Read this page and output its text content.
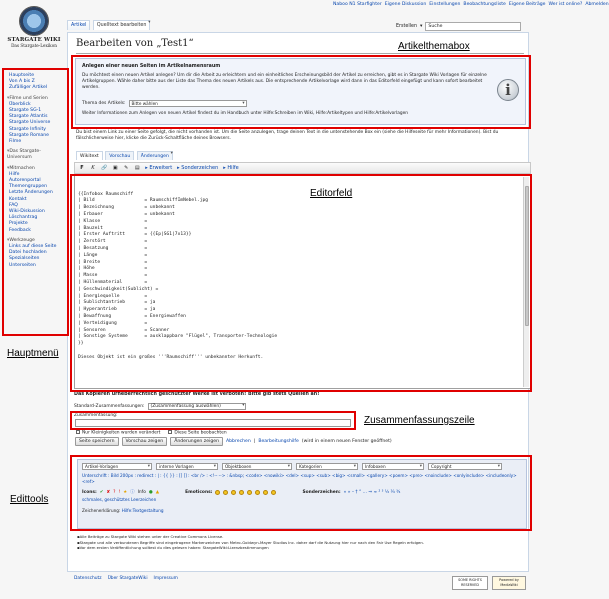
Naboo N1 Starfighter Eigene Diskussion Einstellungen Beobachtungsliste Eigene Beiträge Wer ist online? Abmelden
STARGATE WIKI
Das Stargate-Lexikon
Hauptseite
Von A bis Z
Zufälliger Artikel
▾ Filme und Serien
Überblick
Stargate SG-1
Stargate Atlantis
Stargate Universe
Stargate Infinity
Stargate Romane
Filme
▾ Das Stargate-Universum
▾ Mitmachen
Hilfe
Autorenportal
Themengruppen
Letzte Änderungen
Kontakt
FAQ
Wiki-Diskussion
Löschantrag
Projekte
Feedback
▾ Werkzeuge
Links auf diese Seite
Datei hochladen
Spezialseiten
Unterseiten
Artikel Quelltext bearbeiten ▾	Erstellen ▾	Suche
Bearbeiten von „Test1“
Anlegen einer neuen Seiten im Artikelnamensraum
Du möchtest einen neuen Artikel anlegen? Um dir die Arbeit zu erleichtern und ein einheitliches Erscheinungsbild der Artikel zu erreichen, gibt es in Stargate Wiki Vorlagen für einzelne Artikelgruppen. Wähle daher bitte aus der Liste das Thema des neuen Artikels aus. Die entsprechende Artikelvorlage wird dann in das Editorfeld eingefügt und kann sofort bearbeitet werden.
Thema des Artikels:	Bitte wählen ▾
Weiter Informationen zum Anlegen von neuen Artikel findest du im Handbuch unter Hilfe:Schreiben im Wiki, Hilfe:Artikeltypen und Hilfe:Artikelvorlagen
i
Du bist einem Link zu einer Seite gefolgt, die nicht vorhanden ist. Um die Seite anzulegen, trage deinen Text in die untenstehende Box ein (siehe die Hilfeseite für mehr Informationen). Bist du fälschlicherweise hier, klicke die Zurück-Schaltfläche deines Browsers.
Wikitext ▾ Vorschau Änderungen
F K 🔗 ▣ ✎ ▤ ▸ Erweitert ▸ Sonderzeichen ▸ Hilfe

{{Infobox Raumschiff
| Bild                  = RaumschiffImNebel.jpg
| Bezeichnung           = unbekannt
| Erbauer               = unbekannt
| Klasse                =
| Bauzeit               =
| Erster Auftritt       = {{Ep|SG1|7x13}}
| Zerstört              =
| Besatzung             =
| Länge                 =
| Breite                =
| Höhe                  =
| Masse                 =
| Hüllenmaterial        =
| Geschwindigkeit(Sublicht) =
| Energiequelle         =
| Sublichtantrieb       = ja
| Hyperantrieb          = ja
| Bewaffnung            = Energiewaffen
| Verteidigung          =
| Sensoren              = Scanner
| Sonstige Systeme      = ausklappbare "Flügel", Transporter-Technologie
}}
Dieses Objekt ist ein großes '''Raumschiff''' unbekannter Herkunft.

Das Kopieren urheberrechtlich geschützter Werke ist verboten! Bitte gib stets Quellen an!
Standard-Zusammenfassungen:	(Zusammenfassung auswählen) ▾
Zusammenfassung:
Nur Kleinigkeiten wurden verändert	Diese Seite beobachten
Seite speichern	Vorschau zeigen	Änderungen zeigen	Abbrechen | Bearbeitungshilfe (wird in einem neuen Fenster geöffnet)
Artikel-Vorlagen ▾	interne Vorlagen ▾	Objektboxen ▾	Kategorien ▾	Infoboxen ▾	Copyright ▾
Unterschrift : Bild 200px : redirect : | : {{ }} : [[ ]] : <br /> : <!-- --> : &nbsp; <code> <nowiki> <del> <sup> <sub> <big> <small> <gallery> <poem> <pre> <noinclude> <onlyinclude> <includeonly> <ref>
Icons: ✔ ✘ ? ! ★ ⓘ Info ● ▲	Emoticons:	Sonderzeichen: « » – † ° … ⇒ ≈ ² ³ ½ ¼ ¾
schmales, geschütztes Leerzeichen
Zeichenerklärung: Hilfe:Textgestaltung
▪ Alle Beiträge zu Stargate Wiki stehen unter der Creative Commons License.
▪ Stargate und alle verbundenen Begriffe sind eingetragene Markenzeichen von Metro-Goldwyn-Mayer Studios Inc. daher darf die Nutzung hier nur nach den Fair Use Regeln erfolgen.
▪ Vor dem ersten Veröffentlichung solltest du dies gelesen haben: StargateWiki:Lizenzbestimmungen
Datenschutz Über StargateWiki Impressum	SOME RIGHTS RESERVED
Powered by MediaWiki
Artikelthemabox
Editorfeld
Hauptmenü
Zusammenfassungszeile
Edittools
